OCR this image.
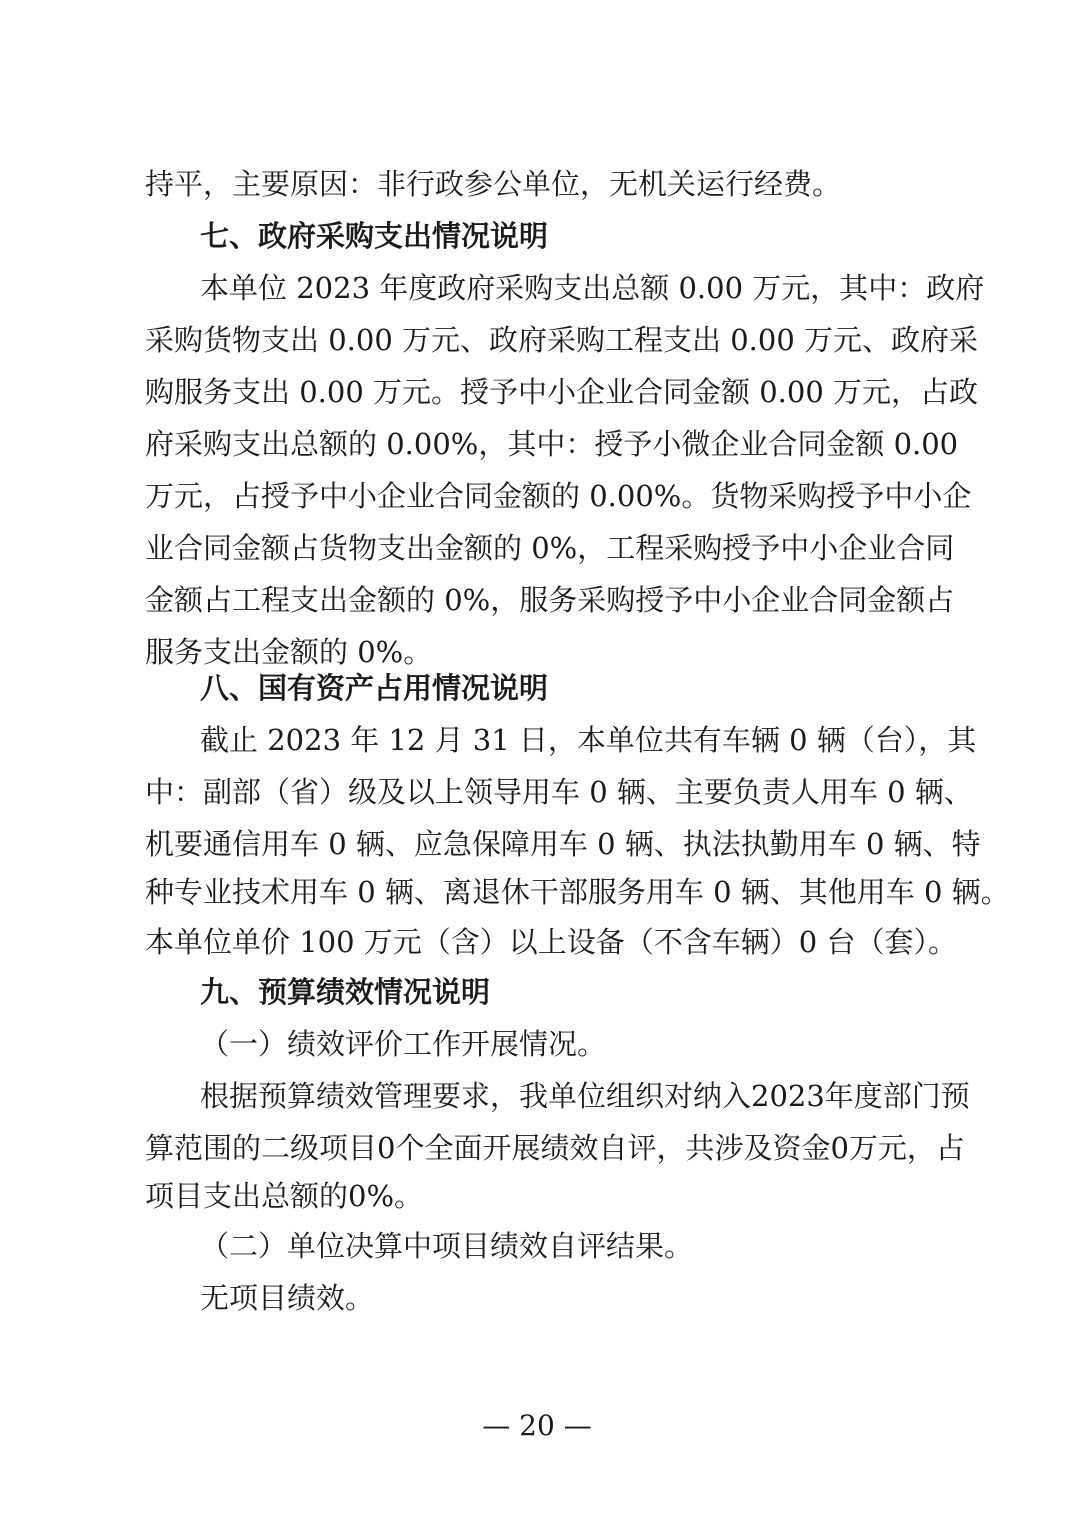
持平，主要原因：非行政参公单位，无机关运行经费。
七、政府采购支出情况说明
本单位 2023 年度政府采购支出总额 0.00 万元，其中：政府
采购货物支出 0.00 万元、政府采购工程支出 0.00 万元、政府采
购服务支出 0.00 万元。授予中小企业合同金额 0.00 万元，占政
府采购支出总额的 0.00%，其中：授予小微企业合同金额 0.00
万元，占授予中小企业合同金额的 0.00%。货物采购授予中小企
业合同金额占货物支出金额的 0%，工程采购授予中小企业合同
金额占工程支出金额的 0%，服务采购授予中小企业合同金额占
服务支出金额的 0%。
八、国有资产占用情况说明
截止 2023 年 12 月 31 日，本单位共有车辆 0 辆（台），其
中：副部（省）级及以上领导用车 0 辆、主要负责人用车 0 辆、
机要通信用车 0 辆、应急保障用车 0 辆、执法执勤用车 0 辆、特
种专业技术用车 0 辆、离退休干部服务用车 0 辆、其他用车 0 辆。
本单位单价 100 万元（含）以上设备（不含车辆）0 台（套）。
九、预算绩效情况说明
（一）绩效评价工作开展情况。
根据预算绩效管理要求，我单位组织对纳入2023年度部门预
算范围的二级项目0个全面开展绩效自评，共涉及资金0万元，占
项目支出总额的0%。
（二）单位决算中项目绩效自评结果。
无项目绩效。
— 20 —
